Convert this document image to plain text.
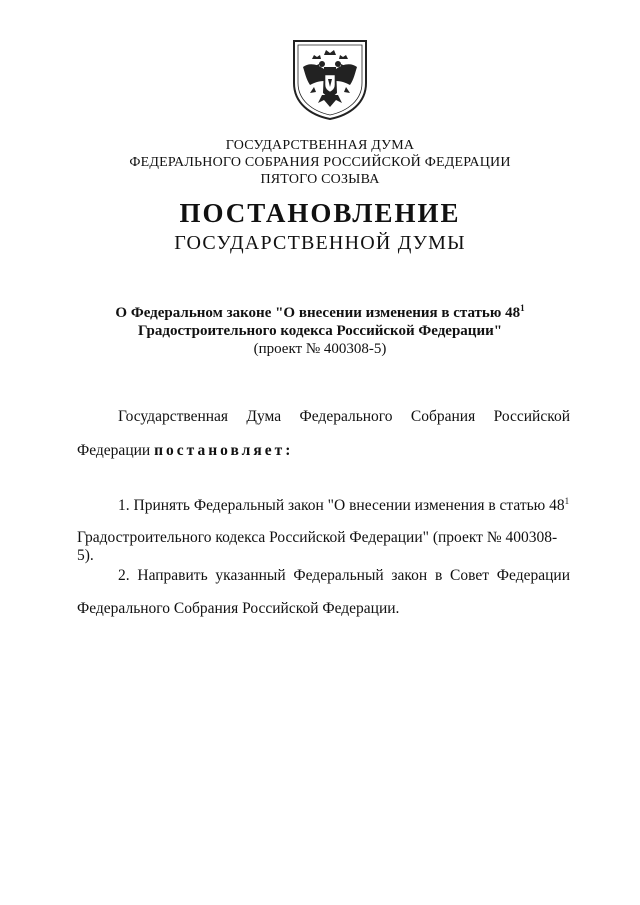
ГОСУДАРСТВЕННАЯ ДУМА
ФЕДЕРАЛЬНОГО СОБРАНИЯ РОССИЙСКОЙ ФЕДЕРАЦИИ
ПЯТОГО СОЗЫВА
ПОСТАНОВЛЕНИЕ
ГОСУДАРСТВЕННОЙ ДУМЫ
О Федеральном законе "О внесении изменения в статью $48^1$
Градостроительного кодекса Российской Федерации"
(проект № 400308-5)
Государственная Дума Федерального Собрания Российской
Федерации постановляет:
1. Принять Федеральный закон "О внесении изменения в статью $48^1$
Градостроительного кодекса Российской Федерации" (проект № 400308-5).
2. Направить указанный Федеральный закон в Совет Федерации
Федерального Собрания Российской Федерации.
